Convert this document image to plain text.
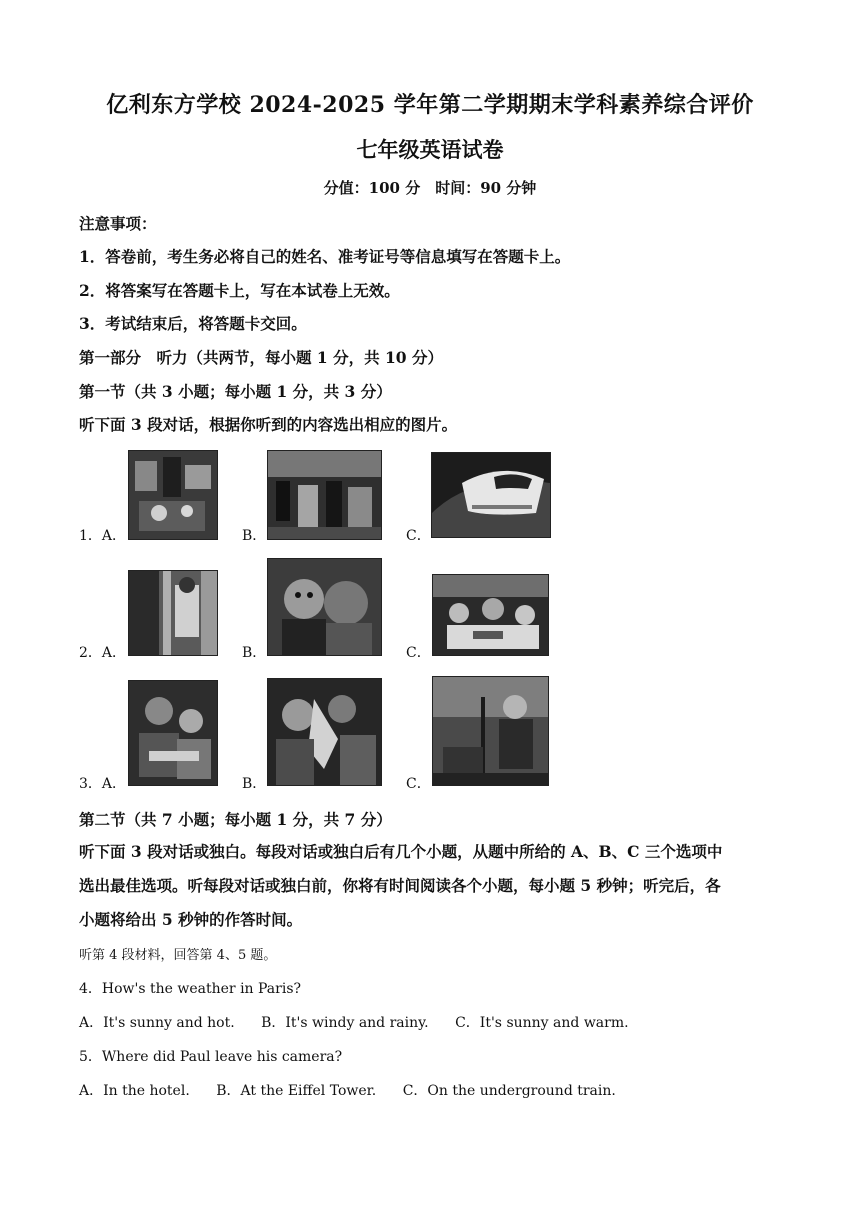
亿利东方学校 2024-2025 学年第二学期期末学科素养综合评价
七年级英语试卷
分值：100 分　时间：90 分钟
注意事项：
1．答卷前，考生务必将自己的姓名、准考证号等信息填写在答题卡上。
2．将答案写在答题卡上，写在本试卷上无效。
3．考试结束后，将答题卡交回。
第一部分　听力（共两节，每小题 1 分，共 10 分）
第一节（共 3 小题；每小题 1 分，共 3 分）
听下面 3 段对话，根据你听到的内容选出相应的图片。
1．A．	B．	C．
2．A．	B．	C．
3．A．	B．	C．
第二节（共 7 小题；每小题 1 分，共 7 分）
听下面 3 段对话或独白。每段对话或独白后有几个小题，从题中所给的 A、B、C 三个选项中
选出最佳选项。听每段对话或独白前，你将有时间阅读各个小题，每小题 5 秒钟；听完后，各
小题将给出 5 秒钟的作答时间。
听第 4 段材料，回答第 4、5 题。
4．How's the weather in Paris?
A．It's sunny and hot. B．It's windy and rainy. C．It's sunny and warm.
5．Where did Paul leave his camera?
A．In the hotel. B．At the Eiffel Tower. C．On the underground train.
